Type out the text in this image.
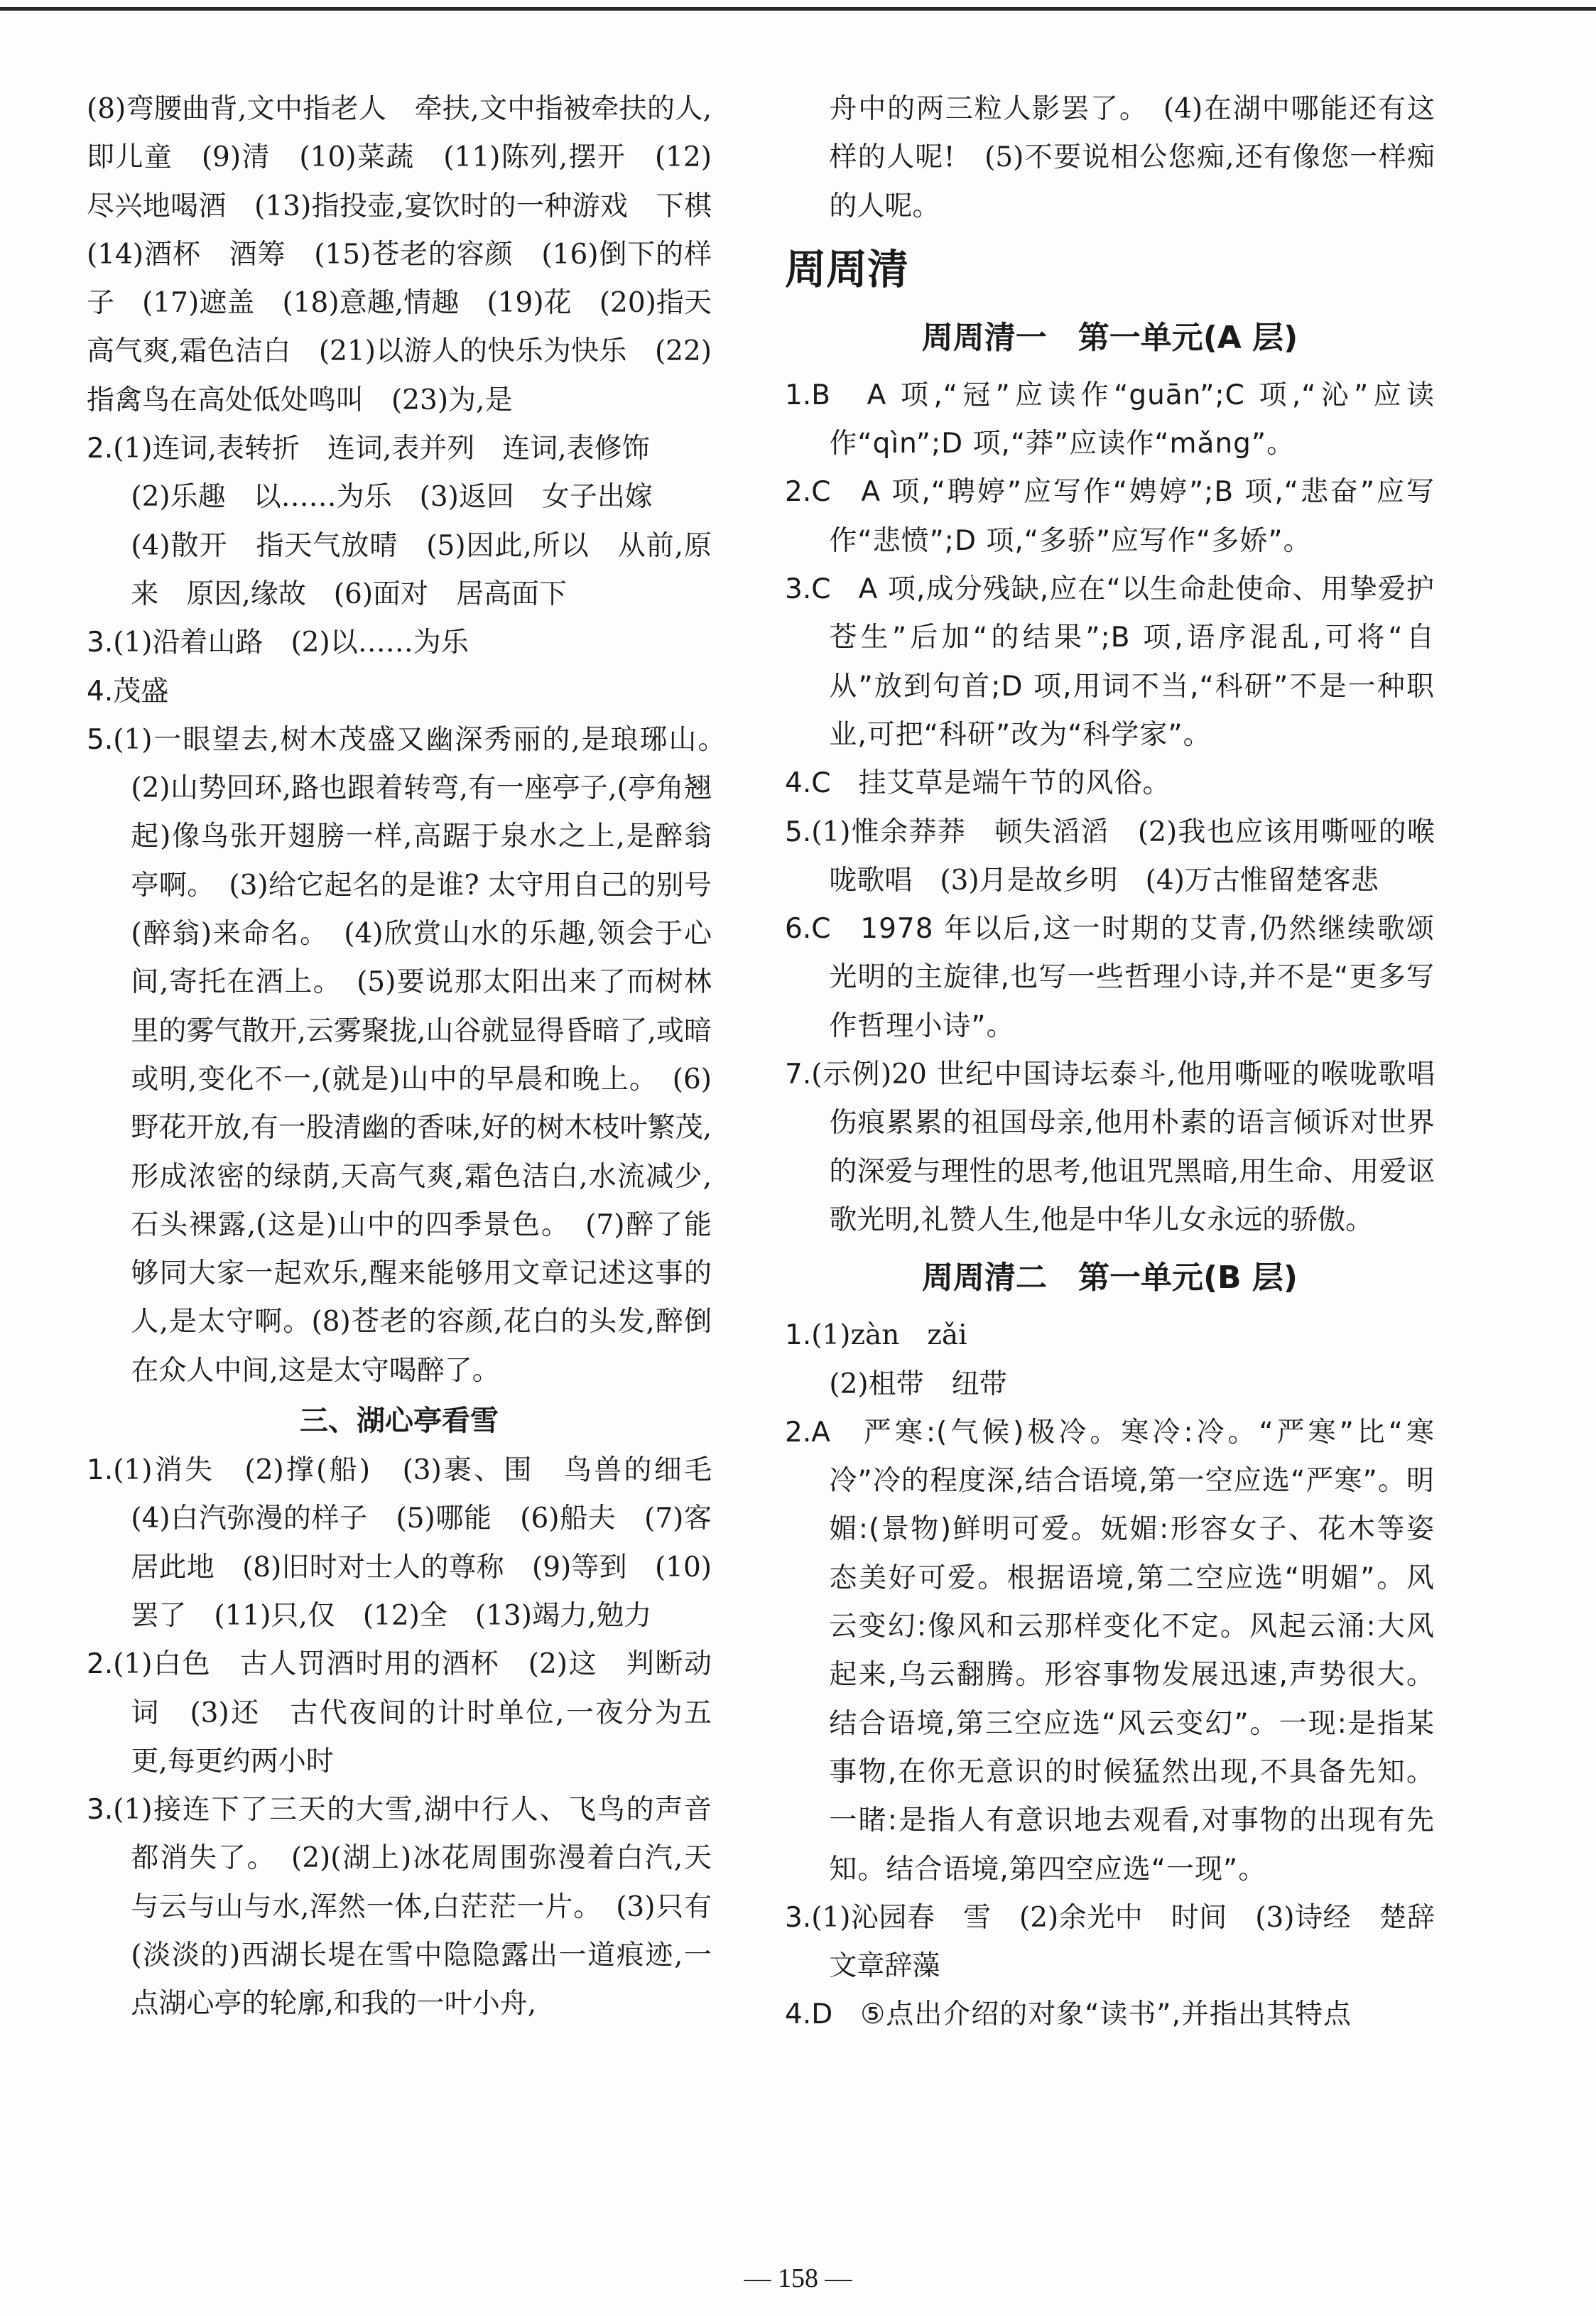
(8)弯腰曲背,文中指老人　牵扶,文中指被牵扶的人,即儿童　(9)清　(10)菜蔬　(11)陈列,摆开　(12)尽兴地喝酒　(13)指投壶,宴饮时的一种游戏　下棋　(14)酒杯　酒筹　(15)苍老的容颜　(16)倒下的样子　(17)遮盖　(18)意趣,情趣　(19)花　(20)指天高气爽,霜色洁白　(21)以游人的快乐为快乐　(22)指禽鸟在高处低处鸣叫　(23)为,是

2.(1)连词,表转折　连词,表并列　连词,表修饰
(2)乐趣　以……为乐　(3)返回　女子出嫁
(4)散开　指天气放晴　(5)因此,所以　从前,原来　原因,缘故　(6)面对　居高面下

3.(1)沿着山路　(2)以……为乐

4.茂盛

5.(1)一眼望去,树木茂盛又幽深秀丽的,是琅琊山。　(2)山势回环,路也跟着转弯,有一座亭子,(亭角翘起)像鸟张开翅膀一样,高踞于泉水之上,是醉翁亭啊。　(3)给它起名的是谁? 太守用自己的别号(醉翁)来命名。　(4)欣赏山水的乐趣,领会于心间,寄托在酒上。　(5)要说那太阳出来了而树林里的雾气散开,云雾聚拢,山谷就显得昏暗了,或暗或明,变化不一,(就是)山中的早晨和晚上。　(6)野花开放,有一股清幽的香味,好的树木枝叶繁茂,形成浓密的绿荫,天高气爽,霜色洁白,水流减少,石头裸露,(这是)山中的四季景色。　(7)醉了能够同大家一起欢乐,醒来能够用文章记述这事的人,是太守啊。(8)苍老的容颜,花白的头发,醉倒在众人中间,这是太守喝醉了。

三、湖心亭看雪

1.(1)消失　(2)撑(船)　(3)裹、围　鸟兽的细毛　(4)白汽弥漫的样子　(5)哪能　(6)船夫　(7)客居此地　(8)旧时对士人的尊称　(9)等到　(10)罢了　(11)只,仅　(12)全　(13)竭力,勉力

2.(1)白色　古人罚酒时用的酒杯　(2)这　判断动词　(3)还　古代夜间的计时单位,一夜分为五更,每更约两小时

3.(1)接连下了三天的大雪,湖中行人、飞鸟的声音都消失了。　(2)(湖上)冰花周围弥漫着白汽,天与云与山与水,浑然一体,白茫茫一片。　(3)只有(淡淡的)西湖长堤在雪中隐隐露出一道痕迹,一点湖心亭的轮廓,和我的一叶小舟,

舟中的两三粒人影罢了。　(4)在湖中哪能还有这样的人呢!　(5)不要说相公您痴,还有像您一样痴的人呢。

周周清

周周清一　第一单元(A 层)

1.B　 A 项,“冠”应读作“guān”;C 项,“沁”应读作“qìn”;D 项,“莽”应读作“mǎng”。

2.C　 A 项,“聘婷”应写作“娉婷”;B 项,“悲奋”应写作“悲愤”;D 项,“多骄”应写作“多娇”。

3.C　 A 项,成分残缺,应在“以生命赴使命、用挚爱护苍生”后加“的结果”;B 项,语序混乱,可将“自从”放到句首;D 项,用词不当,“科研”不是一种职业,可把“科研”改为“科学家”。

4.C　 挂艾草是端午节的风俗。

5.(1)惟余莽莽　顿失滔滔　(2)我也应该用嘶哑的喉咙歌唱　(3)月是故乡明　(4)万古惟留楚客悲

6.C　 1978 年以后,这一时期的艾青,仍然继续歌颂光明的主旋律,也写一些哲理小诗,并不是“更多写作哲理小诗”。

7.(示例)20 世纪中国诗坛泰斗,他用嘶哑的喉咙歌唱伤痕累累的祖国母亲,他用朴素的语言倾诉对世界的深爱与理性的思考,他诅咒黑暗,用生命、用爱讴歌光明,礼赞人生,他是中华儿女永远的骄傲。

周周清二　第一单元(B 层)

1.(1)zàn　zǎi
(2)柤带　纽带

2.A　 严寒:(气候)极冷。寒冷:冷。“严寒”比“寒冷”冷的程度深,结合语境,第一空应选“严寒”。明媚:(景物)鲜明可爱。妩媚:形容女子、花木等姿态美好可爱。根据语境,第二空应选“明媚”。风云变幻:像风和云那样变化不定。风起云涌:大风起来,乌云翻腾。形容事物发展迅速,声势很大。结合语境,第三空应选“风云变幻”。一现:是指某事物,在你无意识的时候猛然出现,不具备先知。一睹:是指人有意识地去观看,对事物的出现有先知。结合语境,第四空应选“一现”。

3.(1)沁园春　雪　(2)余光中　时间　(3)诗经　楚辞　文章辞藻

4.D　 ⑤点出介绍的对象“读书”,并指出其特点

— 158 —
